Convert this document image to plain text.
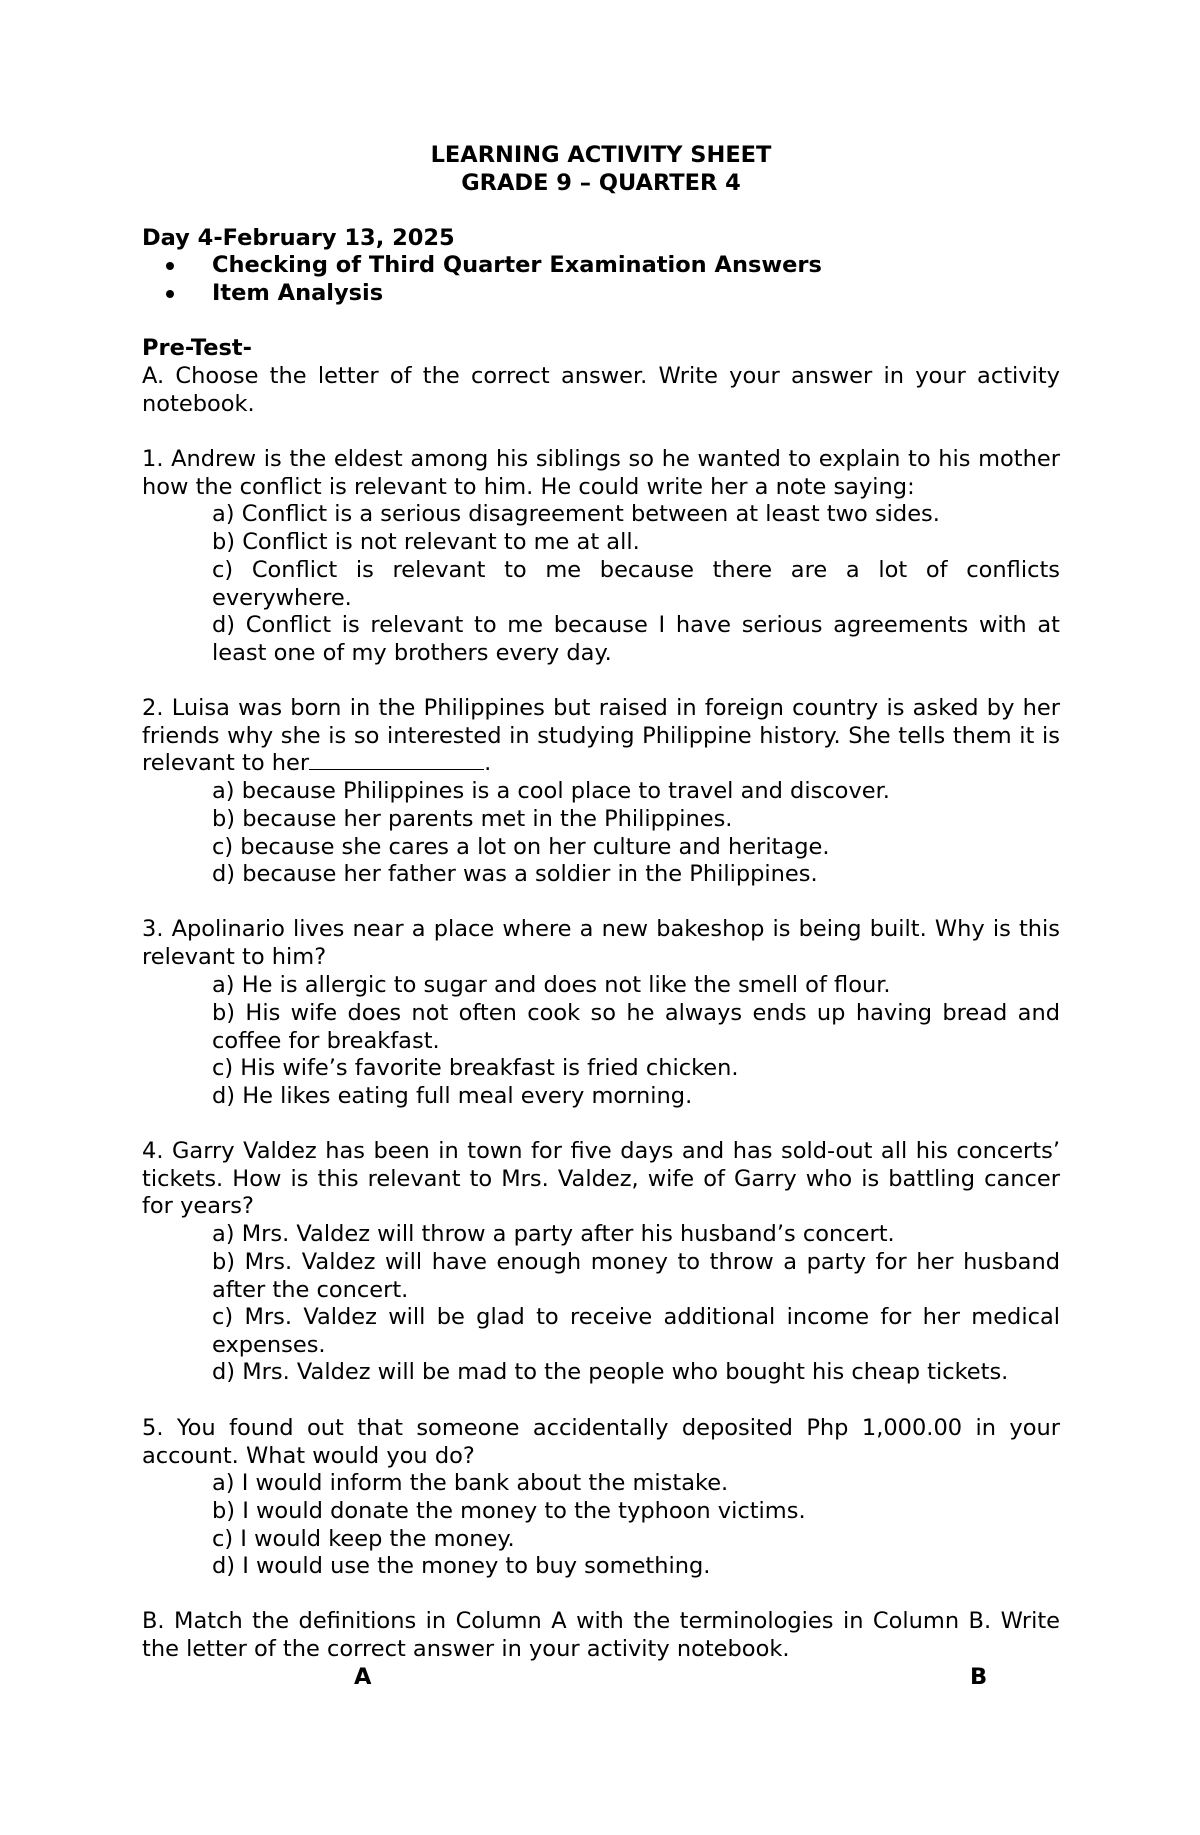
LEARNING ACTIVITY SHEET
GRADE 9 – QUARTER 4
Day 4-February 13, 2025
Checking of Third Quarter Examination Answers
Item Analysis
Pre-Test-
A. Choose the letter of the correct answer. Write your answer in your activity notebook.
1. Andrew is the eldest among his siblings so he wanted to explain to his mother how the conflict is relevant to him. He could write her a note saying:
a) Conflict is a serious disagreement between at least two sides.
b) Conflict is not relevant to me at all.
c) Conflict is relevant to me because there are a lot of conflicts everywhere.
d) Conflict is relevant to me because I have serious agreements with at least one of my brothers every day.
2. Luisa was born in the Philippines but raised in foreign country is asked by her friends why she is so interested in studying Philippine history. She tells them it is relevant to her	.
a) because Philippines is a cool place to travel and discover.
b) because her parents met in the Philippines.
c) because she cares a lot on her culture and heritage.
d) because her father was a soldier in the Philippines.
3. Apolinario lives near a place where a new bakeshop is being built. Why is this relevant to him?
a) He is allergic to sugar and does not like the smell of flour.
b) His wife does not often cook so he always ends up having bread and coffee for breakfast.
c) His wife’s favorite breakfast is fried chicken.
d) He likes eating full meal every morning.
4. Garry Valdez has been in town for five days and has sold-out all his concerts’ tickets. How is this relevant to Mrs. Valdez, wife of Garry who is battling cancer for years?
a) Mrs. Valdez will throw a party after his husband’s concert.
b) Mrs. Valdez will have enough money to throw a party for her husband after the concert.
c) Mrs. Valdez will be glad to receive additional income for her medical expenses.
d) Mrs. Valdez will be mad to the people who bought his cheap tickets.
5. You found out that someone accidentally deposited Php 1,000.00 in your account. What would you do?
a) I would inform the bank about the mistake.
b) I would donate the money to the typhoon victims.
c) I would keep the money.
d) I would use the money to buy something.
B. Match the definitions in Column A with the terminologies in Column B. Write the letter of the correct answer in your activity notebook.
A	B
